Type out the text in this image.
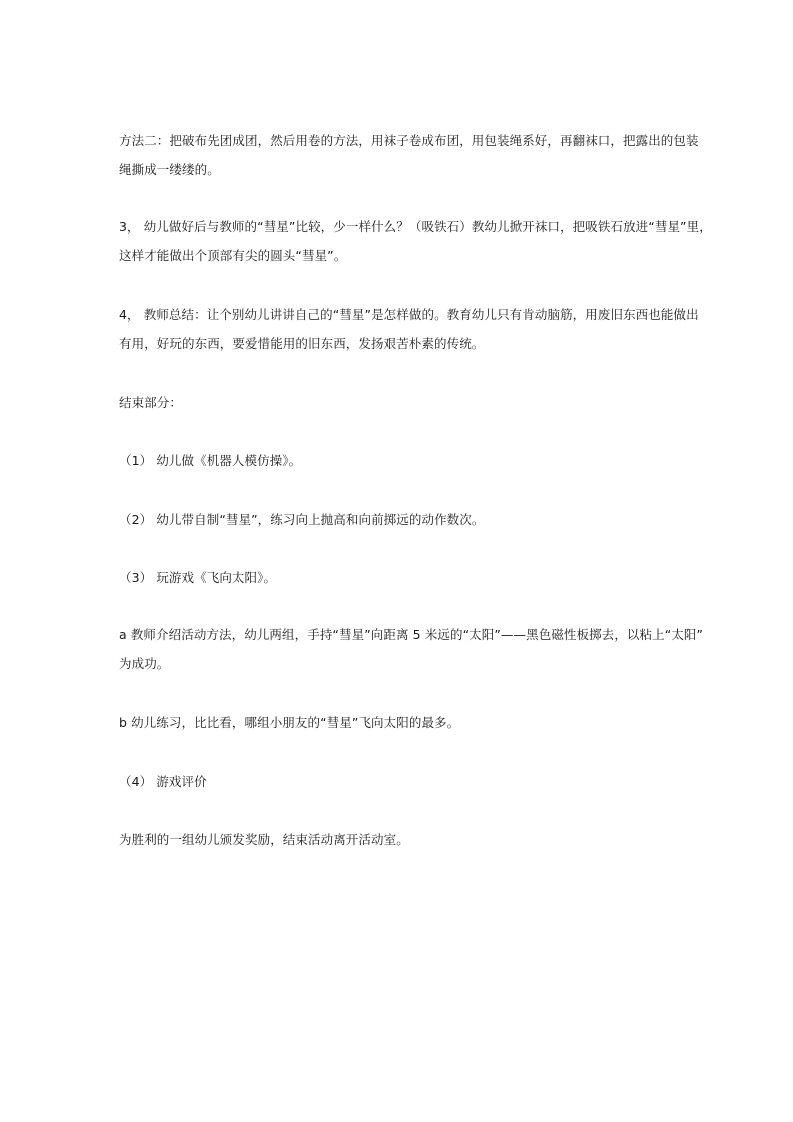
方法二：把破布先团成团，然后用卷的方法，用袜子卷成布团，用包装绳系好，再翻袜口，把露出的包装
绳撕成一缕缕的。

3， 幼儿做好后与教师的“彗星”比较，少一样什么？（吸铁石）教幼儿掀开袜口，把吸铁石放进“彗星”里，
这样才能做出个顶部有尖的圆头“彗星”。

4， 教师总结：让个别幼儿讲讲自己的“彗星”是怎样做的。教育幼儿只有肯动脑筋，用废旧东西也能做出
有用，好玩的东西，要爱惜能用的旧东西，发扬艰苦朴素的传统。

结束部分：

（1） 幼儿做《机器人模仿操》。

（2） 幼儿带自制“彗星”，练习向上抛高和向前掷远的动作数次。

（3） 玩游戏《飞向太阳》。

a 教师介绍活动方法，幼儿两组，手持“彗星”向距离 5 米远的“太阳”——黑色磁性板掷去，以粘上“太阳”
为成功。

b 幼儿练习，比比看，哪组小朋友的“彗星”飞向太阳的最多。

（4） 游戏评价

为胜利的一组幼儿颁发奖励，结束活动离开活动室。
